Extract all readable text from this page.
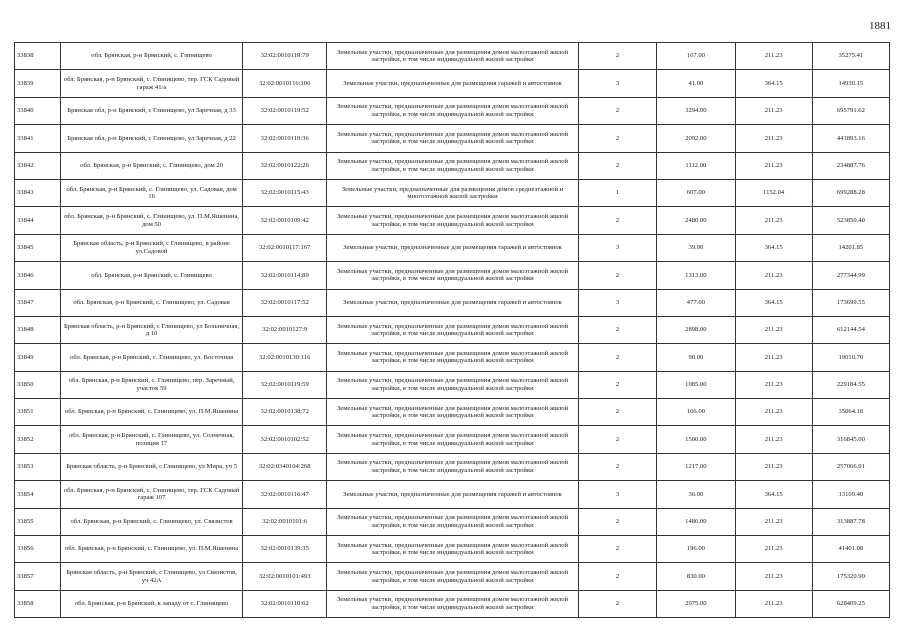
1881
33838	обл. Брянская, р-н Брянский, с. Глинищево	32:02:0010119:79	Земельные участки, предназначенные для размещения домов малоэтажной жилой застройки, в том числе индивидуальной жилой застройки	2	167.00	211.23	35275.41
33839	обл. Брянская, р-н Брянский, с. Глинищево, тер. ГСК Садовый гараж 41/а	32:02:0010116:106	Земельные участки, предназначенные для размещения гаражей и автостоянок	3	41.00	364.15	14930.15
33840	Брянская обл, р-н Брянский, с Глинищево, ул Заречная, д 33	32:02:0010119:52	Земельные участки, предназначенные для размещения домов малоэтажной жилой застройки, в том числе индивидуальной жилой застройки	2	3294.00	211.23	695791.62
33841	Брянская обл, р-н Брянский, с Глинищево, ул Заречная, д 22	32:02:0010119:36	Земельные участки, предназначенные для размещения домов малоэтажной жилой застройки, в том числе индивидуальной жилой застройки	2	2092.00	211.23	441893.16
33842	обл. Брянская, р-н Брянский, с. Глинищево, дом 20	32:02:0010122:26	Земельные участки, предназначенные для размещения домов малоэтажной жилой застройки, в том числе индивидуальной жилой застройки	2	1112.00	211.23	234887.76
33843	обл. Брянская, р-н Брянский, с. Глинищево, ул. Садовая, дом 16	32:02:0010115:43	Земельные участки, предназначенные для размещения домов среднеэтажной и многоэтажной жилой застройки	1	607.00	1152.04	699288.28
33844	обл. Брянская, р-н Брянский, с. Глинищево, ул. П.М.Яшенина, дом 50	32:02:0010109:42	Земельные участки, предназначенные для размещения домов малоэтажной жилой застройки, в том числе индивидуальной жилой застройки	2	2480.00	211.23	523850.40
33845	Брянская область, р-н Брянский, с Глинищево, в районе ул.Садовой	32:02:0010117:167	Земельные участки, предназначенные для размещения гаражей и автостоянок	3	39.00	364.15	14201.85
33846	обл. Брянская, р-н Брянский, с. Глинищево	32:02:0010114:89	Земельные участки, предназначенные для размещения домов малоэтажной жилой застройки, в том числе индивидуальной жилой застройки	2	1313.00	211.23	277344.99
33847	обл. Брянская, р-н Брянский, с. Глинищево, ул. Садовая	32:02:0010117:52	Земельные участки, предназначенные для размещения гаражей и автостоянок	3	477.00	364.15	173699.55
33848	Брянская область, р-н Брянский, с Глинищево, ул Больничная, д 10	32:02:0010127:9	Земельные участки, предназначенные для размещения домов малоэтажной жилой застройки, в том числе индивидуальной жилой застройки	2	2898.00	211.23	612144.54
33849	обл. Брянская, р-н Брянский, с. Глинищево, ул. Восточная	32:02:0010130:116	Земельные участки, предназначенные для размещения домов малоэтажной жилой застройки, в том числе индивидуальной жилой застройки	2	90.00	211.23	19010.70
33850	обл. Брянская, р-н Брянский, с. Глинищево, пер. Заречный, участок 59	32:02:0010119:59	Земельные участки, предназначенные для размещения домов малоэтажной жилой застройки, в том числе индивидуальной жилой застройки	2	1085.00	211.23	229184.55
33851	обл. Брянская, р-н Брянский, с. Глинищево, ул. П.М.Яшенина	32:02:0010138:72	Земельные участки, предназначенные для размещения домов малоэтажной жилой застройки, в том числе индивидуальной жилой застройки	2	166.00	211.23	35064.18
33852	обл. Брянская, р-н Брянский, с. Глинищево, ул. Солнечная, позиция 17	32:02:0010102:52	Земельные участки, предназначенные для размещения домов малоэтажной жилой застройки, в том числе индивидуальной жилой застройки	2	1500.00	211.23	316845.00
33853	Брянская область, р-н Брянский, с Глинищево, ул Мира, уч 5	32:02:0340104:268	Земельные участки, предназначенные для размещения домов малоэтажной жилой застройки, в том числе индивидуальной жилой застройки	2	1217.00	211.23	257066.91
33854	обл. Брянская, р-н Брянский, с. Глинищево, тер. ГСК Садовый гараж 107	32:02:0010116:47	Земельные участки, предназначенные для размещения гаражей и автостоянок	3	36.00	364.15	13109.40
33855	обл. Брянская, р-н Брянский, с. Глинищево, ул. Связистов	32:02:0010101:6	Земельные участки, предназначенные для размещения домов малоэтажной жилой застройки, в том числе индивидуальной жилой застройки	2	1486.00	211.23	313887.78
33856	обл. Брянская, р-н Брянский, с. Глинищево, ул. П.М.Яшенина	32:02:0010139:35	Земельные участки, предназначенные для размещения домов малоэтажной жилой застройки, в том числе индивидуальной жилой застройки	2	196.00	211.23	41401.08
33857	Брянская область, р-н Брянский, с Глинищево, ул Связистов, уч 42А	32:02:0010101:493	Земельные участки, предназначенные для размещения домов малоэтажной жилой застройки, в том числе индивидуальной жилой застройки	2	830.00	211.23	175320.90
33858	обл. Брянская, р-н Брянский, к западу от с. Глинищево	32:02:0010110:62	Земельные участки, предназначенные для размещения домов малоэтажной жилой застройки, в том числе индивидуальной жилой застройки	2	2975.00	211.23	628409.25
